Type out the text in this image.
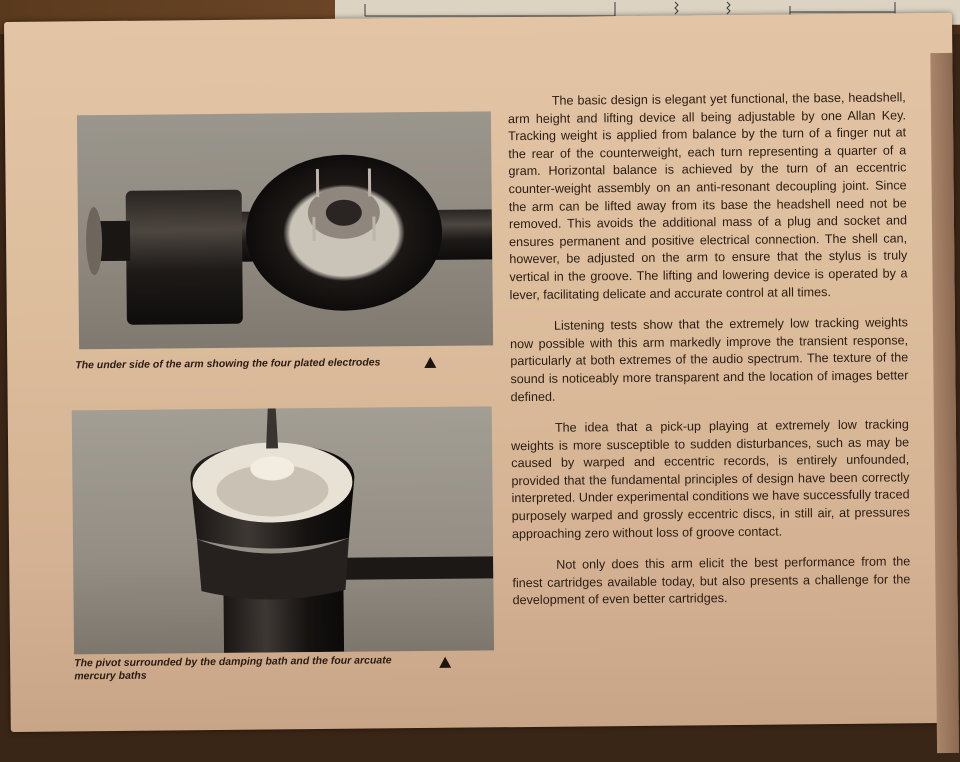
The under side of the arm showing the four plated electrodes
The pivot surrounded by the damping bath and the four arcuate mercury baths

The basic design is elegant yet functional, the base, headshell, arm height and lifting device all being adjustable by one Allan Key. Tracking weight is applied from balance by the turn of a finger nut at the rear of the counterweight, each turn representing a quarter of a gram. Horizontal balance is achieved by the turn of an eccentric counter-weight assembly on an anti-resonant decoupling joint. Since the arm can be lifted away from its base the headshell need not be removed. This avoids the additional mass of a plug and socket and ensures permanent and positive electrical connection. The shell can, however, be adjusted on the arm to ensure that the stylus is truly vertical in the groove. The lifting and lowering device is operated by a lever, facilitating delicate and accurate control at all times.

Listening tests show that the extremely low tracking weights now possible with this arm markedly improve the transient response, particularly at both extremes of the audio spectrum. The texture of the sound is noticeably more transparent and the location of images better defined.

The idea that a pick-up playing at extremely low tracking weights is more susceptible to sudden disturbances, such as may be caused by warped and eccentric records, is entirely unfounded, provided that the fundamental principles of design have been correctly interpreted. Under experimental conditions we have successfully traced purposely warped and grossly eccentric discs, in still air, at pressures approaching zero without loss of groove contact.

Not only does this arm elicit the best performance from the finest cartridges available today, but also presents a challenge for the development of even better cartridges.
